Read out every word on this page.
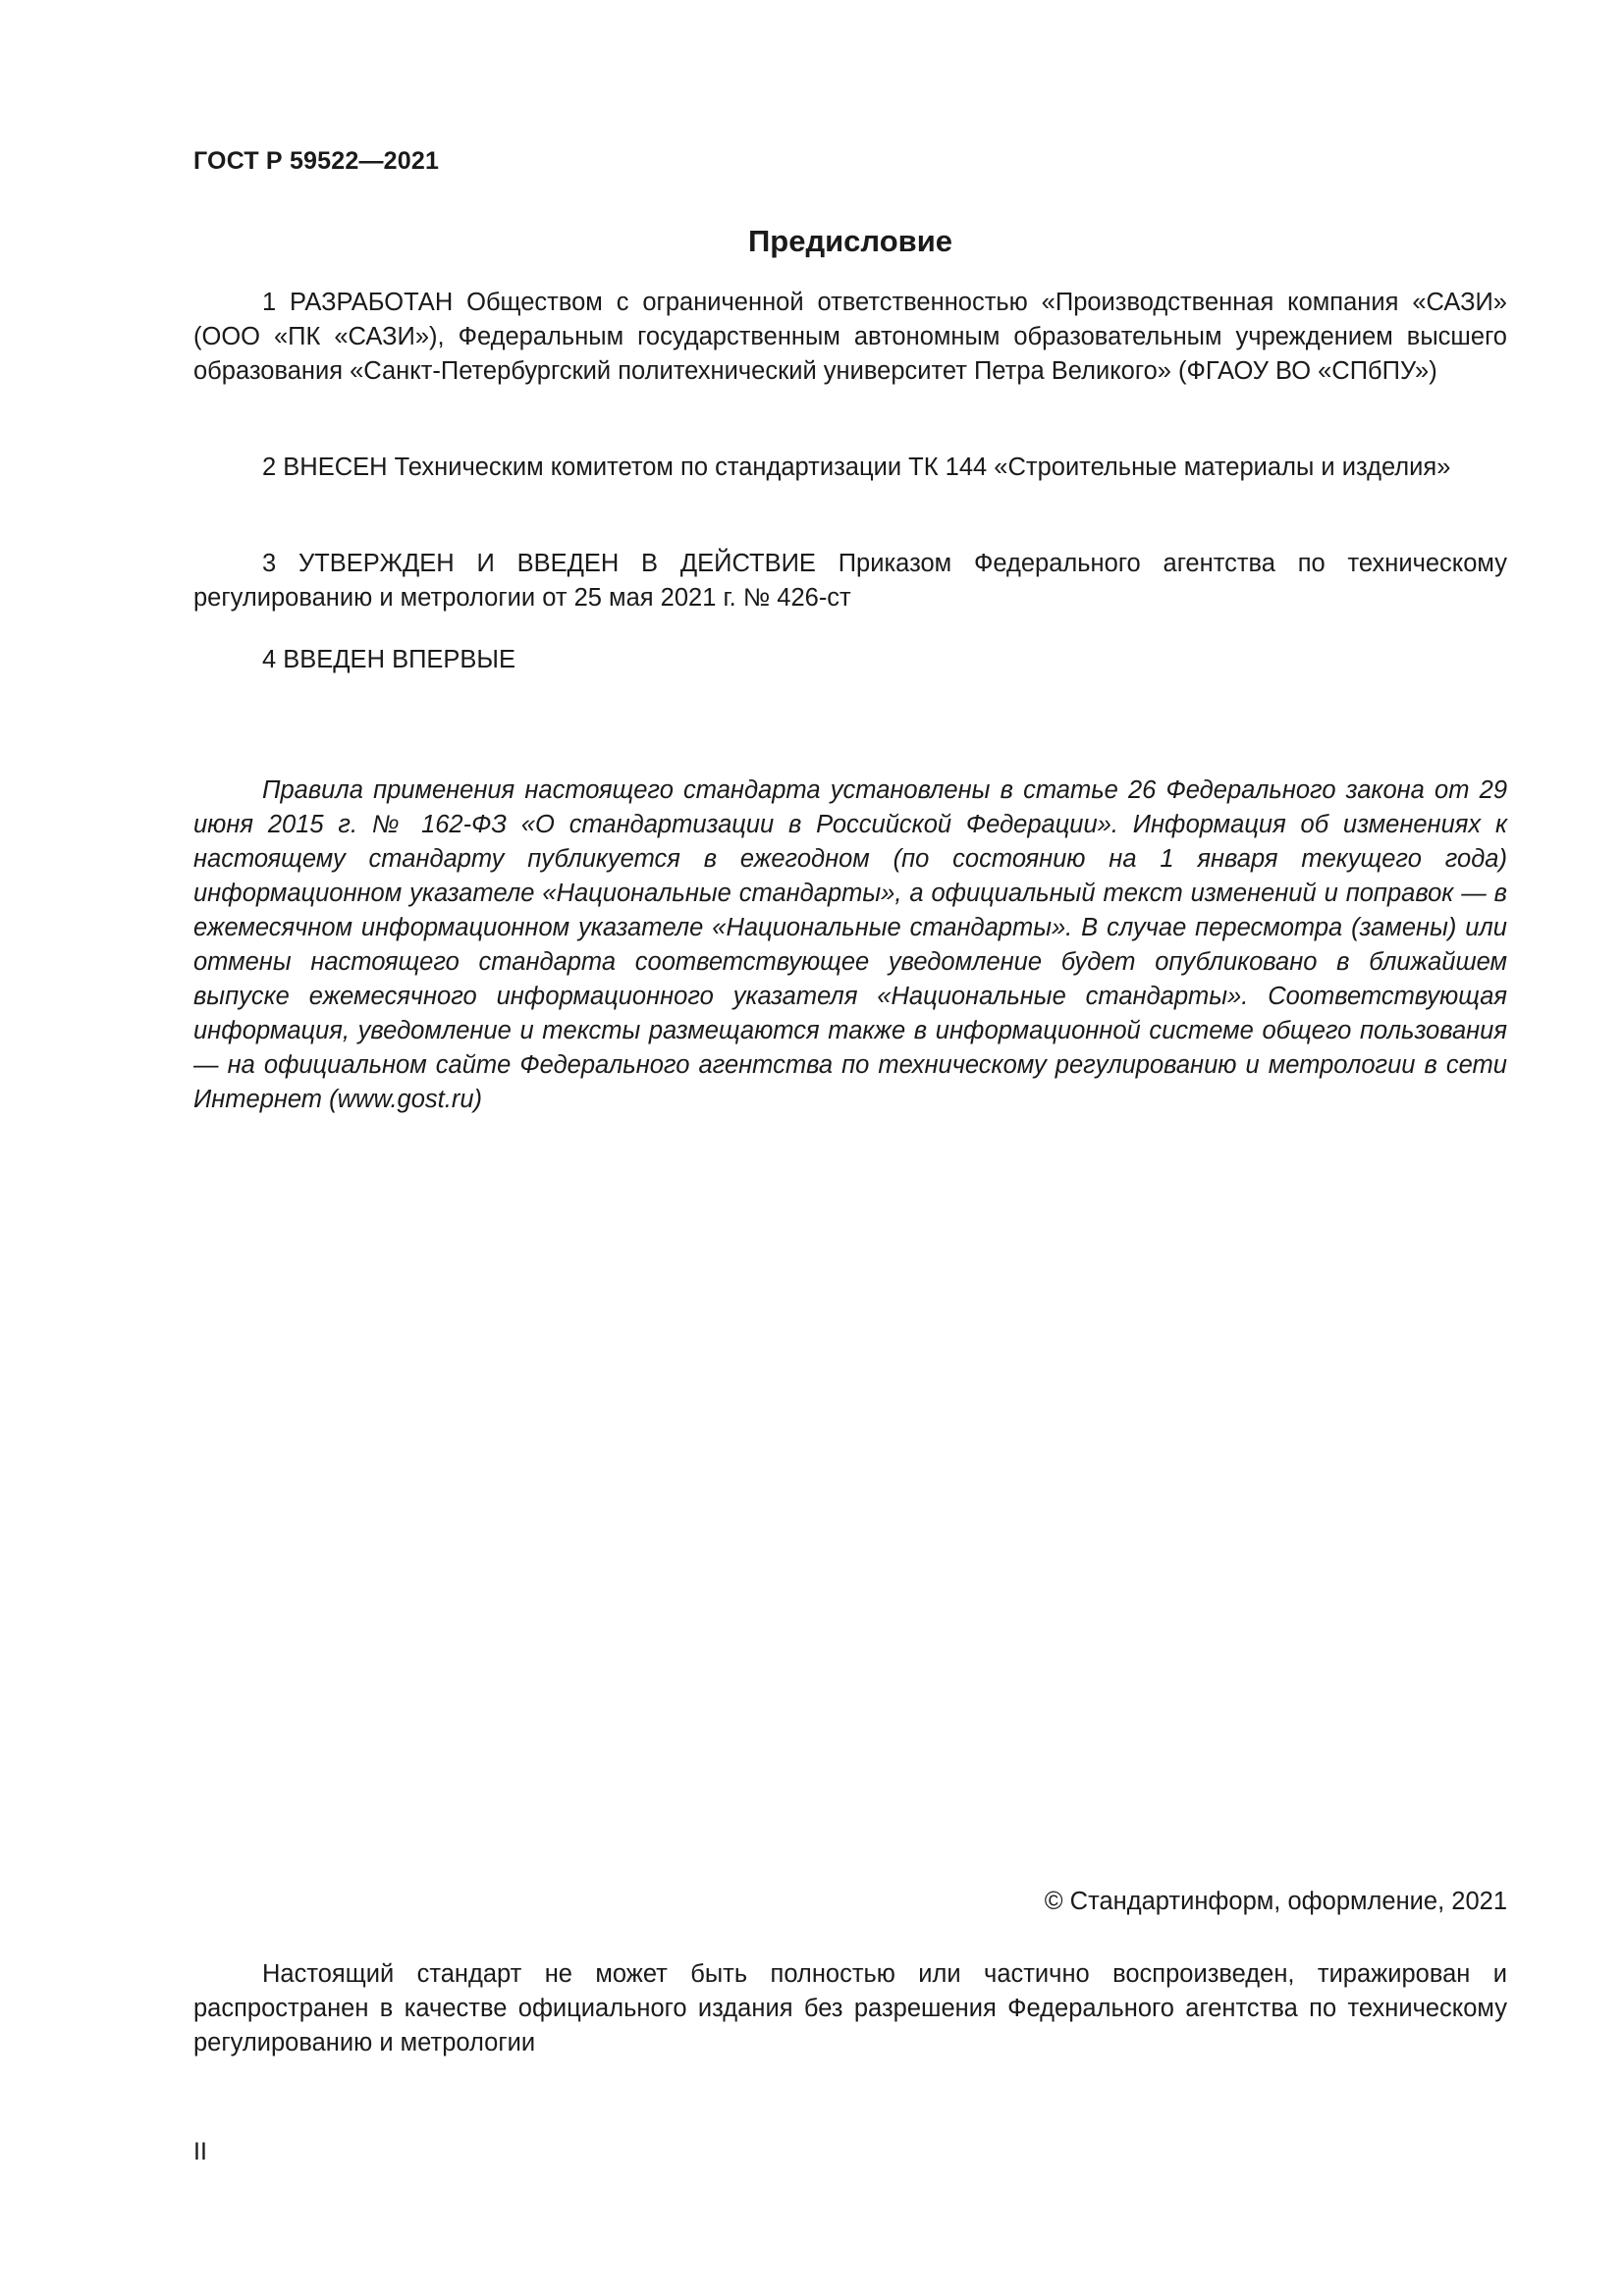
ГОСТ Р 59522—2021
Предисловие

1 РАЗРАБОТАН Обществом с ограниченной ответственностью «Производственная компания «САЗИ» (ООО «ПК «САЗИ»), Федеральным государственным автономным образовательным учреждением высшего образования «Санкт-Петербургский политехнический университет Петра Великого» (ФГАОУ ВО «СПбПУ»)

2 ВНЕСЕН Техническим комитетом по стандартизации ТК 144 «Строительные материалы и изделия»

3 УТВЕРЖДЕН И ВВЕДЕН В ДЕЙСТВИЕ Приказом Федерального агентства по техническому регулированию и метрологии от 25 мая 2021 г. № 426-ст

4 ВВЕДЕН ВПЕРВЫЕ

Правила применения настоящего стандарта установлены в статье 26 Федерального закона от 29 июня 2015 г. № 162-ФЗ «О стандартизации в Российской Федерации». Информация об изменениях к настоящему стандарту публикуется в ежегодном (по состоянию на 1 января текущего года) информационном указателе «Национальные стандарты», а официальный текст изменений и поправок — в ежемесячном информационном указателе «Национальные стандарты». В случае пересмотра (замены) или отмены настоящего стандарта соответствующее уведомление будет опубликовано в ближайшем выпуске ежемесячного информационного указателя «Национальные стандарты». Соответствующая информация, уведомление и тексты размещаются также в информационной системе общего пользования — на официальном сайте Федерального агентства по техническому регулированию и метрологии в сети Интернет (www.gost.ru)

© Стандартинформ, оформление, 2021

Настоящий стандарт не может быть полностью или частично воспроизведен, тиражирован и распространен в качестве официального издания без разрешения Федерального агентства по техническому регулированию и метрологии

II
